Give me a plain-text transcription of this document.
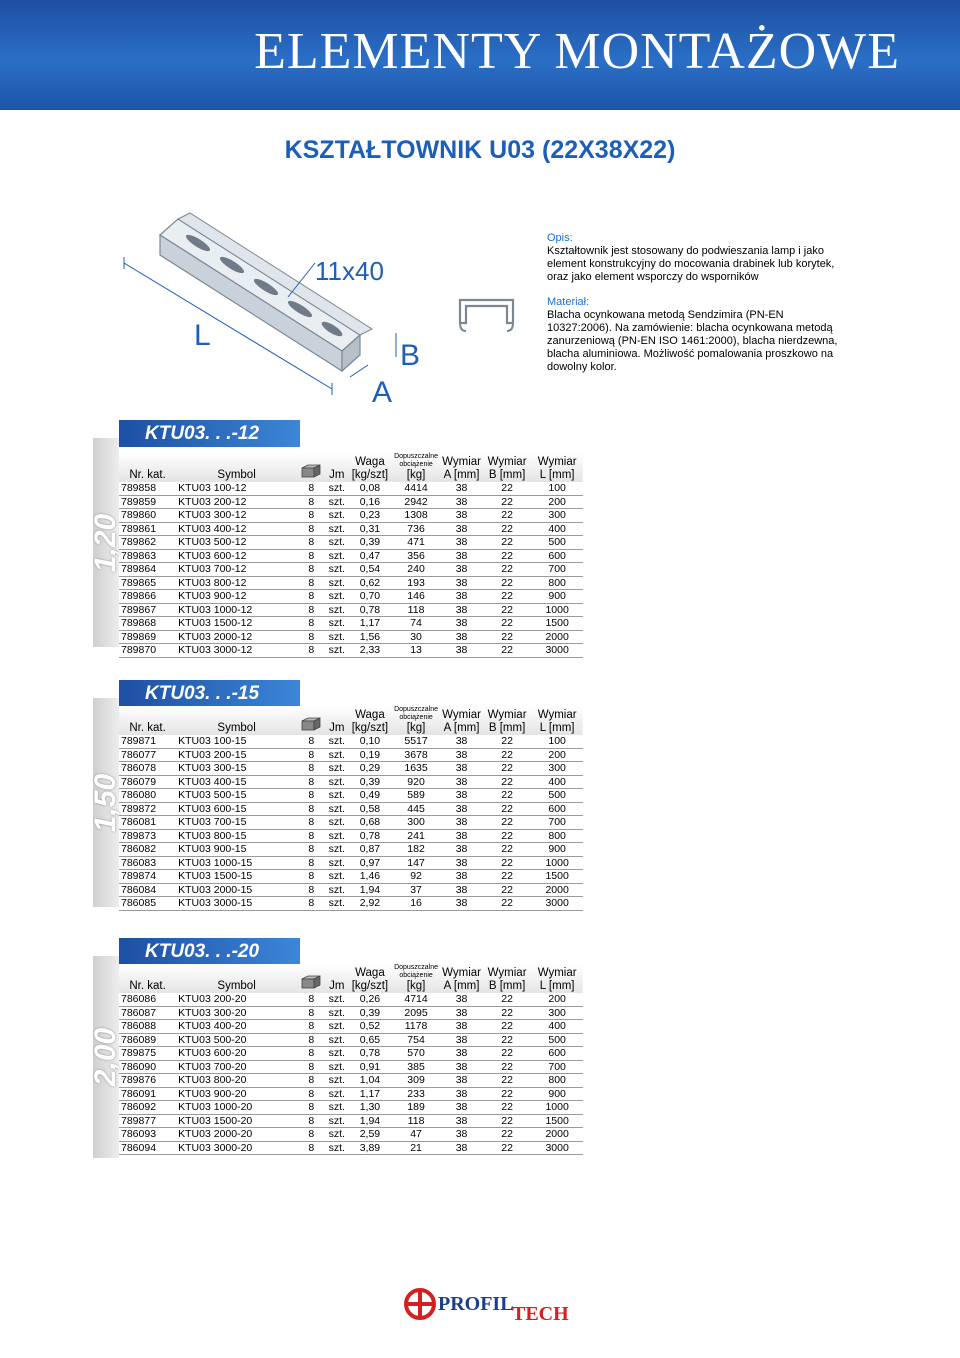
ELEMENTY MONTAŻOWE
KSZTAŁTOWNIK U03 (22X38X22)
11x40
L
A
B

Opis:
Kształtownik jest stosowany do podwieszania lamp i jako element konstrukcyjny do mocowania drabinek lub korytek, oraz jako element wsporczy do wsporników

Materiał:
Blacha ocynkowana metodą Sendzimira (PN-EN 10327:2006). Na zamówienie: blacha ocynkowana metodą zanurzeniową (PN-EN ISO 1461:2000), blacha nierdzewna, blacha aluminiowa. Możliwość pomalowania proszkowo na dowolny kolor.

1,20
KTU03. . .-12
Nr. kat.	Symbol		Jm	Waga
[kg/szt]	Dopuszczalne
obciążenie
[kg]	Wymiar
A [mm]	Wymiar
B [mm]	Wymiar
L [mm]
789858	KTU03 100-12	8	szt.	0,08	4414	38	22	100
789859	KTU03 200-12	8	szt.	0,16	2942	38	22	200
789860	KTU03 300-12	8	szt.	0,23	1308	38	22	300
789861	KTU03 400-12	8	szt.	0,31	736	38	22	400
789862	KTU03 500-12	8	szt.	0,39	471	38	22	500
789863	KTU03 600-12	8	szt.	0,47	356	38	22	600
789864	KTU03 700-12	8	szt.	0,54	240	38	22	700
789865	KTU03 800-12	8	szt.	0,62	193	38	22	800
789866	KTU03 900-12	8	szt.	0,70	146	38	22	900
789867	KTU03 1000-12	8	szt.	0,78	118	38	22	1000
789868	KTU03 1500-12	8	szt.	1,17	74	38	22	1500
789869	KTU03 2000-12	8	szt.	1,56	30	38	22	2000
789870	KTU03 3000-12	8	szt.	2,33	13	38	22	3000
1,50
KTU03. . .-15
Nr. kat.	Symbol		Jm	Waga
[kg/szt]	Dopuszczalne
obciążenie
[kg]	Wymiar
A [mm]	Wymiar
B [mm]	Wymiar
L [mm]
789871	KTU03 100-15	8	szt.	0,10	5517	38	22	100
786077	KTU03 200-15	8	szt.	0,19	3678	38	22	200
786078	KTU03 300-15	8	szt.	0,29	1635	38	22	300
786079	KTU03 400-15	8	szt.	0,39	920	38	22	400
786080	KTU03 500-15	8	szt.	0,49	589	38	22	500
789872	KTU03 600-15	8	szt.	0,58	445	38	22	600
786081	KTU03 700-15	8	szt.	0,68	300	38	22	700
789873	KTU03 800-15	8	szt.	0,78	241	38	22	800
786082	KTU03 900-15	8	szt.	0,87	182	38	22	900
786083	KTU03 1000-15	8	szt.	0,97	147	38	22	1000
789874	KTU03 1500-15	8	szt.	1,46	92	38	22	1500
786084	KTU03 2000-15	8	szt.	1,94	37	38	22	2000
786085	KTU03 3000-15	8	szt.	2,92	16	38	22	3000
2,00
KTU03. . .-20
Nr. kat.	Symbol		Jm	Waga
[kg/szt]	Dopuszczalne
obciążenie
[kg]	Wymiar
A [mm]	Wymiar
B [mm]	Wymiar
L [mm]
786086	KTU03 200-20	8	szt.	0,26	4714	38	22	200
786087	KTU03 300-20	8	szt.	0,39	2095	38	22	300
786088	KTU03 400-20	8	szt.	0,52	1178	38	22	400
786089	KTU03 500-20	8	szt.	0,65	754	38	22	500
789875	KTU03 600-20	8	szt.	0,78	570	38	22	600
786090	KTU03 700-20	8	szt.	0,91	385	38	22	700
789876	KTU03 800-20	8	szt.	1,04	309	38	22	800
786091	KTU03 900-20	8	szt.	1,17	233	38	22	900
786092	KTU03 1000-20	8	szt.	1,30	189	38	22	1000
789877	KTU03 1500-20	8	szt.	1,94	118	38	22	1500
786093	KTU03 2000-20	8	szt.	2,59	47	38	22	2000
786094	KTU03 3000-20	8	szt.	3,89	21	38	22	3000
PROFIL
TECH
